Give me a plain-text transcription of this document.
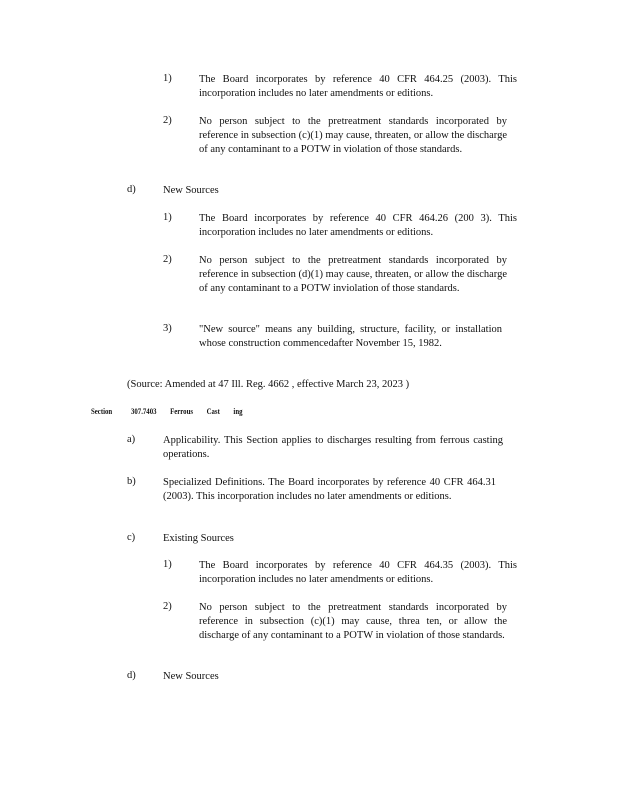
1)	The Board incorporates by reference 40 CFR 464.25 (2003). This incorporation includes no later amendments or editions.
2)	No person subject to the pretreatment standards incorporated by reference in subsection (c)(1) may cause, threaten, or allow the discharge of any contaminant to a POTW in violation of those standards.
d)	New Sources
1)	The Board incorporates by reference 40 CFR 464.26 (200 3). This incorporation includes no later amendments or editions.
2)	No person subject to the pretreatment standards incorporated by reference in subsection (d)(1) may cause, threaten, or allow the discharge of any contaminant to a POTW inviolation of those standards.
3)	"New source" means any building, structure, facility, or installation whose construction commencedafter November 15, 1982.
(Source: Amended at 47 Ill. Reg. 4662 , effective March 23, 2023 )
Section 307.7403 Ferrous Cast ing
a)	Applicability. This Section applies to discharges resulting from ferrous casting operations.
b)	Specialized Definitions. The Board incorporates by reference 40 CFR 464.31 (2003). This incorporation includes no later amendments or editions.
c)	Existing Sources
1)	The Board incorporates by reference 40 CFR 464.35 (2003). This incorporation includes no later amendments or editions.
2)	No person subject to the pretreatment standards incorporated by reference in subsection (c)(1) may cause, threa ten, or allow the discharge of any contaminant to a POTW in violation of those standards.
d)	New Sources
